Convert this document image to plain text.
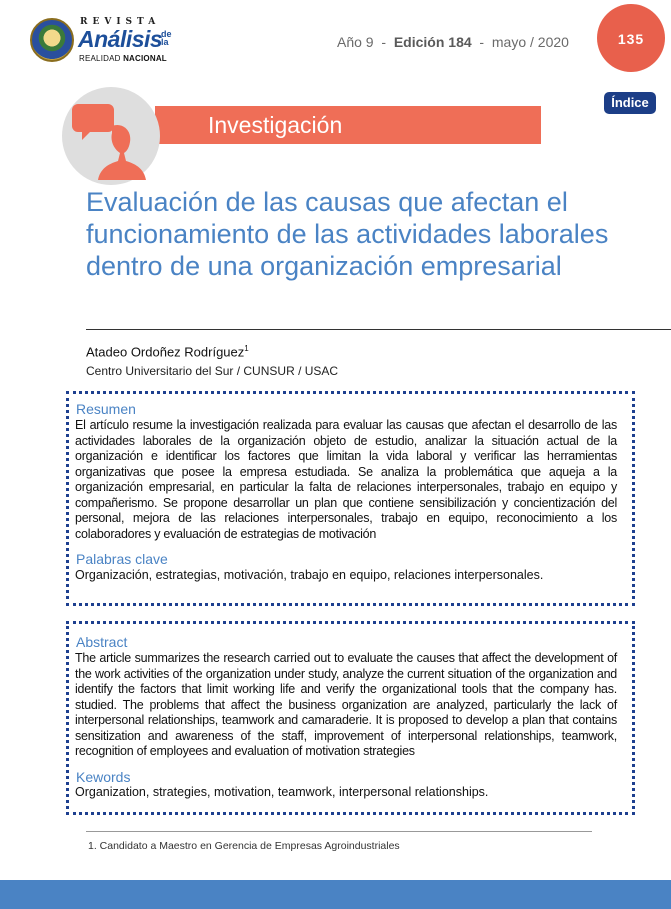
REVISTA
Análisis
de la
REALIDAD NACIONAL
Año 9 - Edición 184 - mayo / 2020	135
Índice
Investigación
Evaluación de las causas que afectan el funcionamiento de las actividades laborales dentro de una organización empresarial
Atadeo Ordoñez Rodríguez$^1$
Centro Universitario del Sur / CUNSUR / USAC
Resumen
El artículo resume la investigación realizada para evaluar las causas que afectan el desarrollo de las actividades laborales de la organización objeto de estudio, analizar la situación actual de la organización e identificar los factores que limitan la vida laboral y verificar las herramientas organizativas que posee la empresa estudiada. Se analiza la problemática que aqueja a la organización empresarial, en particular la falta de relaciones interpersonales, trabajo en equipo y compañerismo. Se propone desarrollar un plan que contiene sensibilización y concientización del personal, mejora de las relaciones interpersonales, trabajo en equipo, reconocimiento a los colaboradores y evaluación de estrategias de motivación
Palabras clave
Organización, estrategias, motivación, trabajo en equipo, relaciones interpersonales.
Abstract
The article summarizes the research carried out to evaluate the causes that affect the development of the work activities of the organization under study, analyze the current situation of the organization and identify the factors that limit working life and verify the organizational tools that the company has. studied. The problems that affect the business organization are analyzed, particularly the lack of interpersonal relationships, teamwork and camaraderie. It is proposed to develop a plan that contains sensitization and awareness of the staff, improvement of interpersonal relationships, teamwork, recognition of employees and evaluation of motivation strategies
Kewords
Organization, strategies, motivation, teamwork, interpersonal relationships.
1. Candidato a Maestro en Gerencia de Empresas Agroindustriales
